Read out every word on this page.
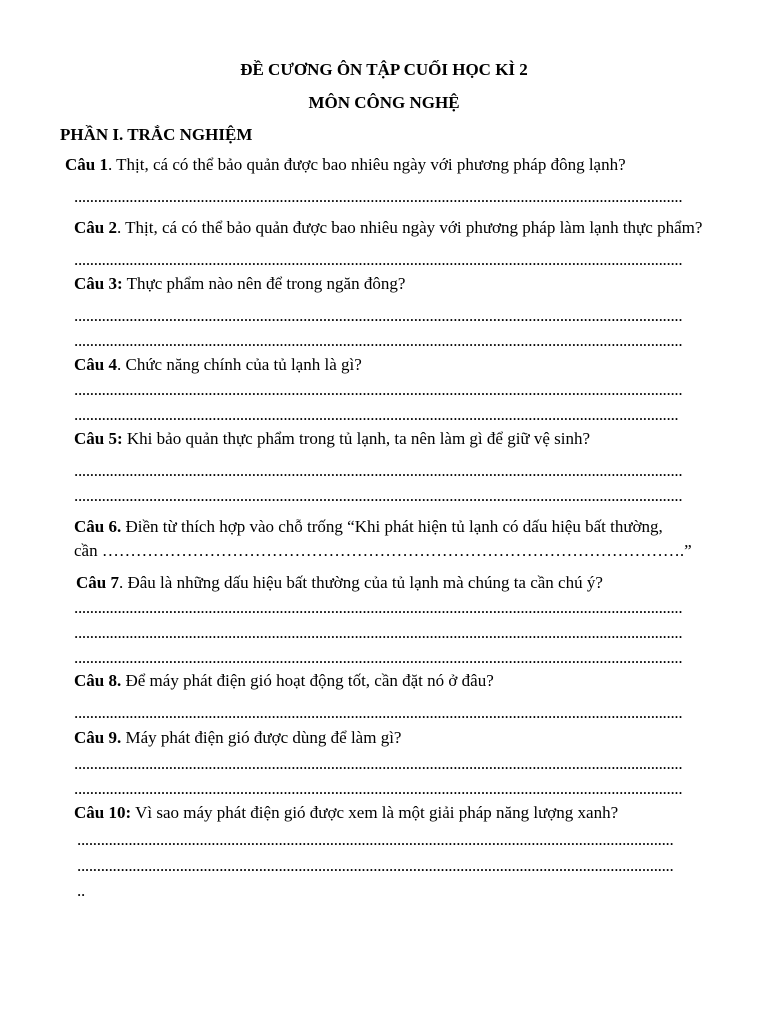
ĐỀ CƯƠNG ÔN TẬP CUỐI HỌC KÌ 2
MÔN CÔNG NGHỆ
PHẦN I. TRẮC NGHIỆM
Câu 1. Thịt, cá có thể bảo quản được bao nhiêu ngày với phương pháp đông lạnh?
..........................................................................................................................................................
Câu 2. Thịt, cá có thể bảo quản được bao nhiêu ngày với phương pháp làm lạnh thực phẩm?
..........................................................................................................................................................
Câu 3: Thực phẩm nào nên để trong ngăn đông?
..........................................................................................................................................................
..........................................................................................................................................................
Câu 4. Chức năng chính của tủ lạnh là gì?
..........................................................................................................................................................
.........................................................................................................................................................
Câu 5: Khi bảo quản thực phẩm trong tủ lạnh, ta nên làm gì để giữ vệ sinh?
..........................................................................................................................................................
..........................................................................................................................................................
Câu 6. Điền từ thích hợp vào chỗ trống “Khi phát hiện tủ lạnh có dấu hiệu bất thường,
cần ………………………………………………………………………………………….”
Câu 7. Đâu là những dấu hiệu bất thường của tủ lạnh mà chúng ta cần chú ý?
..........................................................................................................................................................
..........................................................................................................................................................
..........................................................................................................................................................
Câu 8. Để máy phát điện gió hoạt động tốt, cần đặt nó ở đâu?
..........................................................................................................................................................
Câu 9. Máy phát điện gió được dùng để làm gì?
..........................................................................................................................................................
..........................................................................................................................................................
Câu 10: Vì sao máy phát điện gió được xem là một giải pháp năng lượng xanh?
.......................................................................................................................................................
.......................................................................................................................................................
..
